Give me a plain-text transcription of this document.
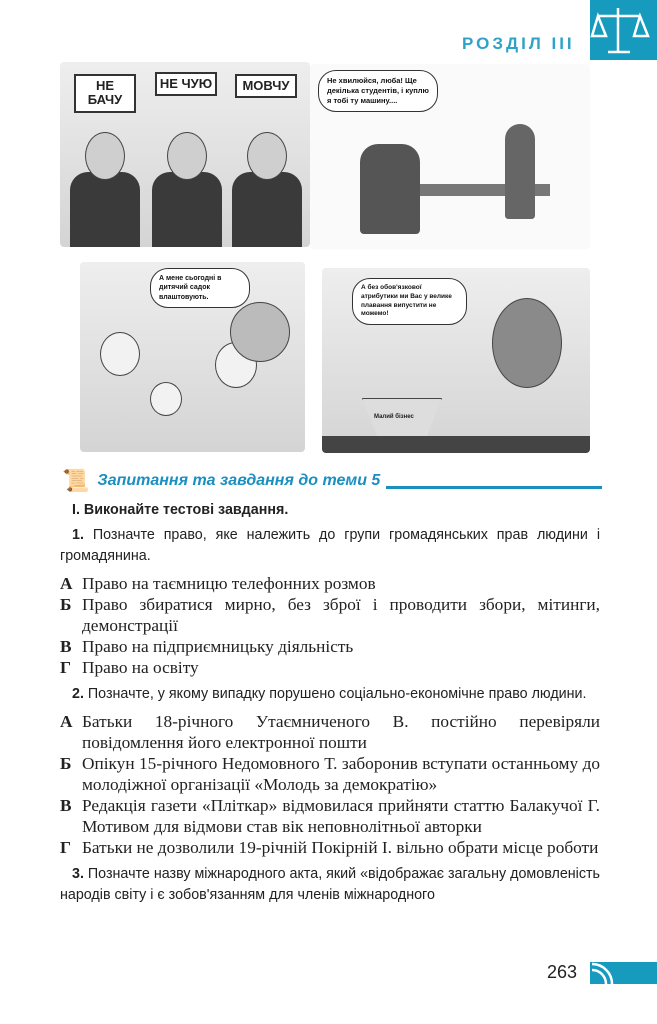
РОЗДІЛ III
НЕ БАЧУ
НЕ ЧУЮ	МОВЧУ	Не хвилюйся, люба! Ще декілька студентів, і куплю я тобі ту машину....
А мене сьогодні в дитячий садок влаштовують.
А без обов'язкової атрибутики ми Вас у велике плавання випустити не можемо!
Малий бізнес
📜 Запитання та завдання до теми 5
І. Виконайте тестові завдання.
1. Позначте право, яке належить до групи громадянських прав людини і громадянина.
А Право на таємницю телефонних розмов
Б Право збиратися мирно, без зброї і проводити збори, мітинги, демонстрації
В Право на підприємницьку діяльність
Г Право на освіту
2. Позначте, у якому випадку порушено соціально-економічне право людини.
А Батьки 18-річного Утаємниченого В. постійно перевіряли повідомлення його електронної пошти
Б Опікун 15-річного Недомовного Т. заборонив вступати останньому до молодіжної організації «Молодь за демократію»
В Редакція газети «Пліткар» відмовилася прийняти статтю Балакучої Г. Мотивом для відмови став вік неповнолітньої авторки
Г Батьки не дозволили 19-річній Покірній І. вільно обрати місце роботи
3. Позначте назву міжнародного акта, який «відображає загальну домовленість народів світу і є зобов'язанням для членів міжнародного
263
